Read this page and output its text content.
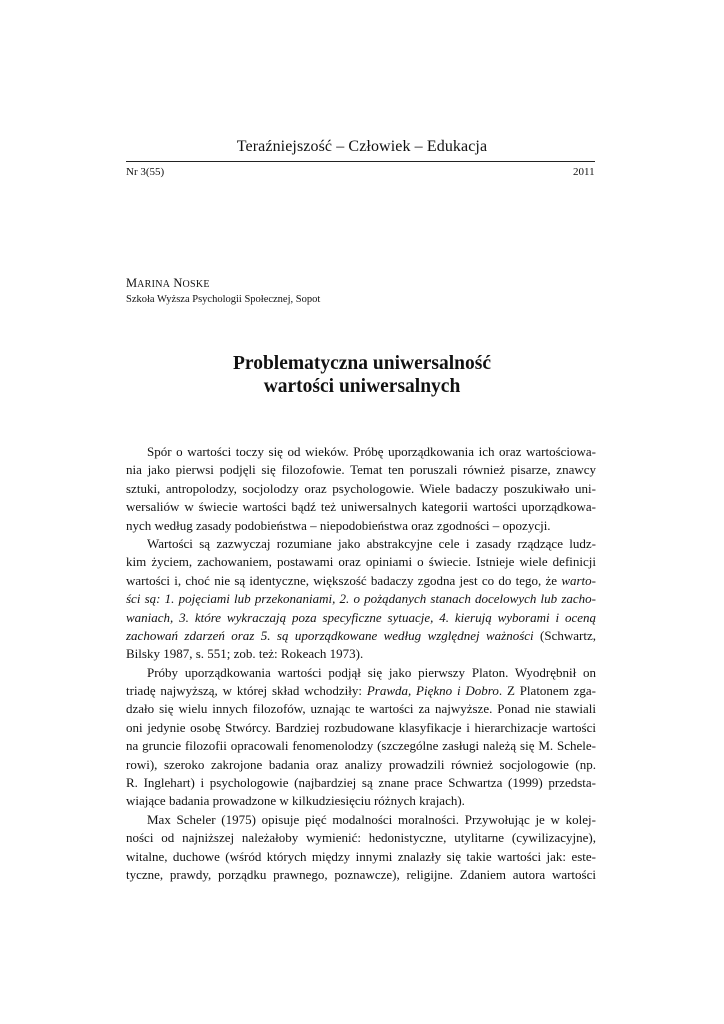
Teraźniejszość – Człowiek – Edukacja
Nr 3(55)	2011
MARINA NOSKE
Szkoła Wyższa Psychologii Społecznej, Sopot
Problematyczna uniwersalność
wartości uniwersalnych
Spór o wartości toczy się od wieków. Próbę uporządkowania ich oraz wartościowa-
nia jako pierwsi podjęli się filozofowie. Temat ten poruszali również pisarze, znawcy
sztuki, antropolodzy, socjolodzy oraz psychologowie. Wiele badaczy poszukiwało uni-
wersaliów w świecie wartości bądź też uniwersalnych kategorii wartości uporządkowa-
nych według zasady podobieństwa – niepodobieństwa oraz zgodności – opozycji.
Wartości są zazwyczaj rozumiane jako abstrakcyjne cele i zasady rządzące ludz-
kim życiem, zachowaniem, postawami oraz opiniami o świecie. Istnieje wiele definicji
wartości i, choć nie są identyczne, większość badaczy zgodna jest co do tego, że warto-
ści są: 1. pojęciami lub przekonaniami, 2. o pożądanych stanach docelowych lub zacho-
waniach, 3. które wykraczają poza specyficzne sytuacje, 4. kierują wyborami i oceną
zachowań zdarzeń oraz 5. są uporządkowane według względnej ważności (Schwartz,
Bilsky 1987, s. 551; zob. też: Rokeach 1973).
Próby uporządkowania wartości podjął się jako pierwszy Platon. Wyodrębnił on
triadę najwyższą, w której skład wchodziły: Prawda, Piękno i Dobro. Z Platonem zga-
dzało się wielu innych filozofów, uznając te wartości za najwyższe. Ponad nie stawiali
oni jedynie osobę Stwórcy. Bardziej rozbudowane klasyfikacje i hierarchizacje wartości
na gruncie filozofii opracowali fenomenolodzy (szczególne zasługi należą się M. Schele-
rowi), szeroko zakrojone badania oraz analizy prowadzili również socjologowie (np.
R. Inglehart) i psychologowie (najbardziej są znane prace Schwartza (1999) przedsta-
wiające badania prowadzone w kilkudziesięciu różnych krajach).
Max Scheler (1975) opisuje pięć modalności moralności. Przywołując je w kolej-
ności od najniższej należałoby wymienić: hedonistyczne, utylitarne (cywilizacyjne),
witalne, duchowe (wśród których między innymi znalazły się takie wartości jak: este-
tyczne, prawdy, porządku prawnego, poznawcze), religijne. Zdaniem autora wartości
